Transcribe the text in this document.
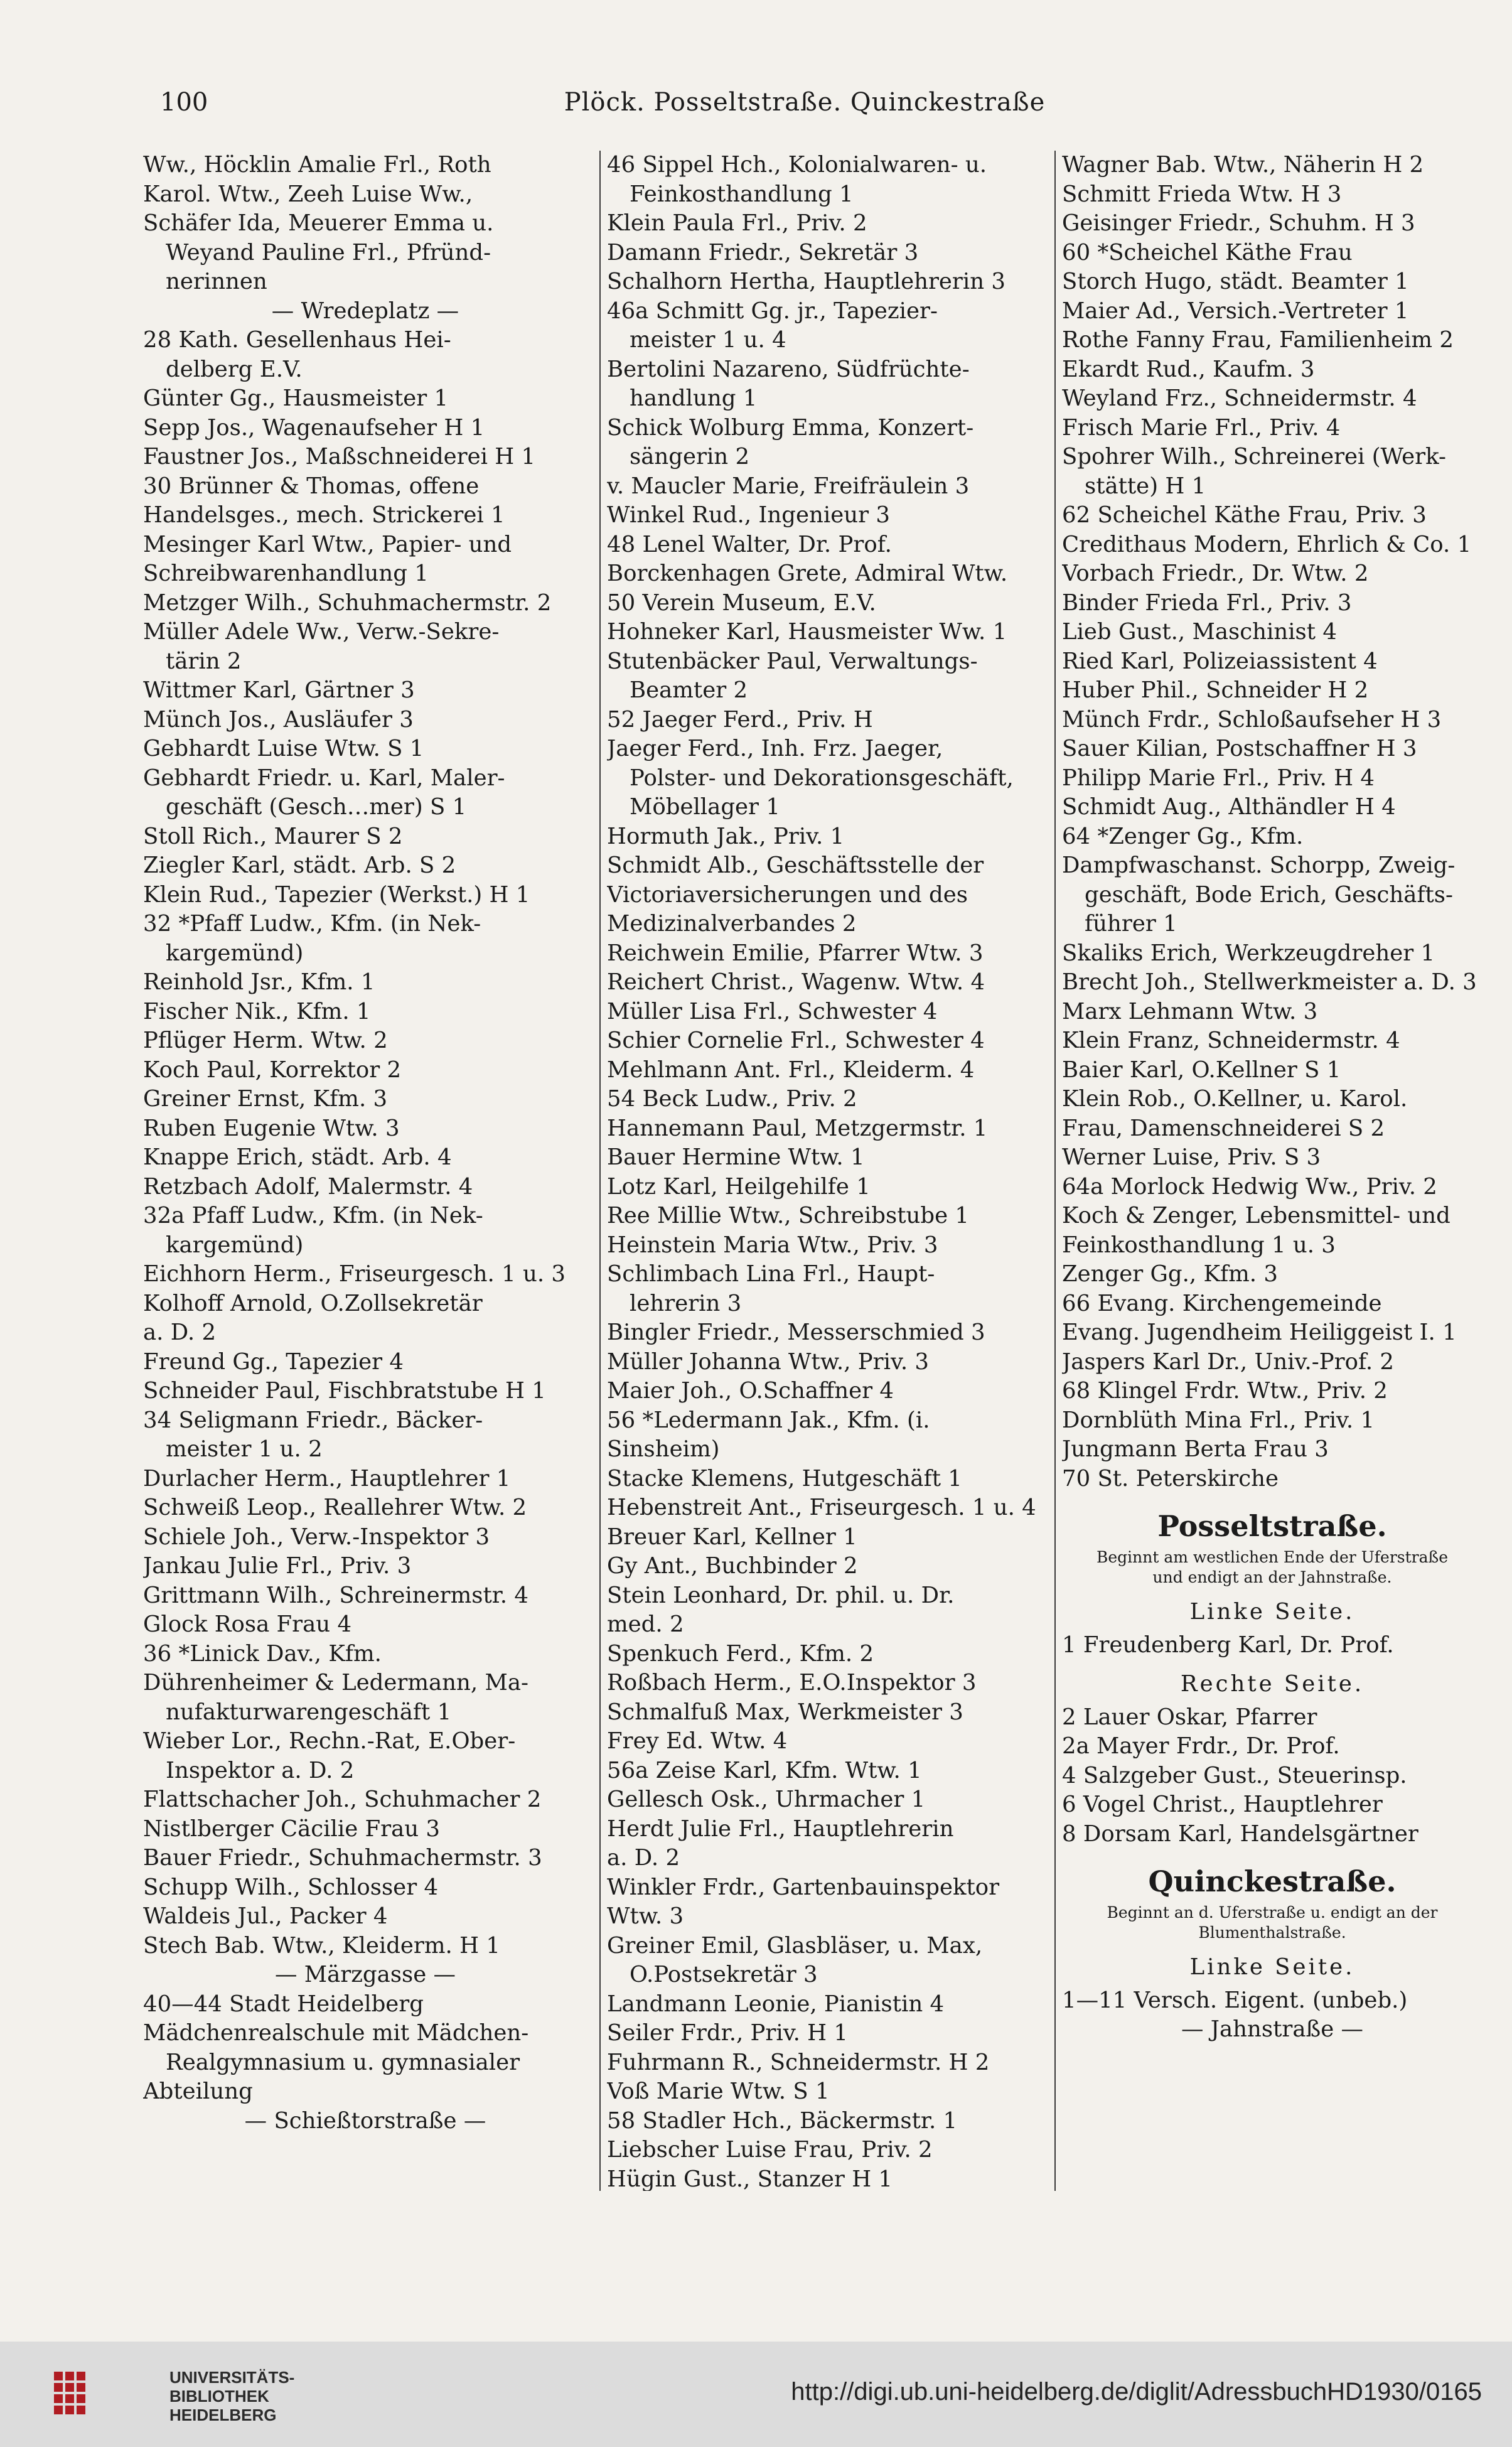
100	Plöck. Posseltstraße. Quinckestraße
Ww., Höcklin Amalie Frl., Roth
Karol. Wtw., Zeeh Luise Ww.,
Schäfer Ida, Meuerer Emma u.
Weyand Pauline Frl., Pfründ-
nerinnen
— Wredeplatz —
28 Kath. Gesellenhaus Hei-
delberg E.V.
Günter Gg., Hausmeister 1
Sepp Jos., Wagenaufseher H 1
Faustner Jos., Maßschneiderei H 1
30 Brünner & Thomas, offene
Handelsges., mech. Strickerei 1
Mesinger Karl Wtw., Papier- und
Schreibwarenhandlung 1
Metzger Wilh., Schuhmachermstr. 2
Müller Adele Ww., Verw.-Sekre-
tärin 2
Wittmer Karl, Gärtner 3
Münch Jos., Ausläufer 3
Gebhardt Luise Wtw. S 1
Gebhardt Friedr. u. Karl, Maler-
geschäft (Gesch…mer) S 1
Stoll Rich., Maurer S 2
Ziegler Karl, städt. Arb. S 2
Klein Rud., Tapezier (Werkst.) H 1
32 *Pfaff Ludw., Kfm. (in Nek-
kargemünd)
Reinhold Jsr., Kfm. 1
Fischer Nik., Kfm. 1
Pflüger Herm. Wtw. 2
Koch Paul, Korrektor 2
Greiner Ernst, Kfm. 3
Ruben Eugenie Wtw. 3
Knappe Erich, städt. Arb. 4
Retzbach Adolf, Malermstr. 4
32a Pfaff Ludw., Kfm. (in Nek-
kargemünd)
Eichhorn Herm., Friseurgesch. 1 u. 3
Kolhoff Arnold, O.Zollsekretär
a. D. 2
Freund Gg., Tapezier 4
Schneider Paul, Fischbratstube H 1
34 Seligmann Friedr., Bäcker-
meister 1 u. 2
Durlacher Herm., Hauptlehrer 1
Schweiß Leop., Reallehrer Wtw. 2
Schiele Joh., Verw.-Inspektor 3
Jankau Julie Frl., Priv. 3
Grittmann Wilh., Schreinermstr. 4
Glock Rosa Frau 4
36 *Linick Dav., Kfm.
Dührenheimer & Ledermann, Ma-
nufakturwarengeschäft 1
Wieber Lor., Rechn.-Rat, E.Ober-
Inspektor a. D. 2
Flattschacher Joh., Schuhmacher 2
Nistlberger Cäcilie Frau 3
Bauer Friedr., Schuhmachermstr. 3
Schupp Wilh., Schlosser 4
Waldeis Jul., Packer 4
Stech Bab. Wtw., Kleiderm. H 1
— Märzgasse —
40—44 Stadt Heidelberg
Mädchenrealschule mit Mädchen-
Realgymnasium u. gymnasialer
Abteilung
— Schießtorstraße —
46 Sippel Hch., Kolonialwaren- u.
Feinkosthandlung 1
Klein Paula Frl., Priv. 2
Damann Friedr., Sekretär 3
Schalhorn Hertha, Hauptlehrerin 3
46a Schmitt Gg. jr., Tapezier-
meister 1 u. 4
Bertolini Nazareno, Südfrüchte-
handlung 1
Schick Wolburg Emma, Konzert-
sängerin 2
v. Maucler Marie, Freifräulein 3
Winkel Rud., Ingenieur 3
48 Lenel Walter, Dr. Prof.
Borckenhagen Grete, Admiral Wtw.
50 Verein Museum, E.V.
Hohneker Karl, Hausmeister Ww. 1
Stutenbäcker Paul, Verwaltungs-
Beamter 2
52 Jaeger Ferd., Priv. H
Jaeger Ferd., Inh. Frz. Jaeger,
Polster- und Dekorationsgeschäft,
Möbellager 1
Hormuth Jak., Priv. 1
Schmidt Alb., Geschäftsstelle der
Victoriaversicherungen und des
Medizinalverbandes 2
Reichwein Emilie, Pfarrer Wtw. 3
Reichert Christ., Wagenw. Wtw. 4
Müller Lisa Frl., Schwester 4
Schier Cornelie Frl., Schwester 4
Mehlmann Ant. Frl., Kleiderm. 4
54 Beck Ludw., Priv. 2
Hannemann Paul, Metzgermstr. 1
Bauer Hermine Wtw. 1
Lotz Karl, Heilgehilfe 1
Ree Millie Wtw., Schreibstube 1
Heinstein Maria Wtw., Priv. 3
Schlimbach Lina Frl., Haupt-
lehrerin 3
Bingler Friedr., Messerschmied 3
Müller Johanna Wtw., Priv. 3
Maier Joh., O.Schaffner 4
56 *Ledermann Jak., Kfm. (i.
Sinsheim)
Stacke Klemens, Hutgeschäft 1
Hebenstreit Ant., Friseurgesch. 1 u. 4
Breuer Karl, Kellner 1
Gy Ant., Buchbinder 2
Stein Leonhard, Dr. phil. u. Dr.
med. 2
Spenkuch Ferd., Kfm. 2
Roßbach Herm., E.O.Inspektor 3
Schmalfuß Max, Werkmeister 3
Frey Ed. Wtw. 4
56a Zeise Karl, Kfm. Wtw. 1
Gellesch Osk., Uhrmacher 1
Herdt Julie Frl., Hauptlehrerin
a. D. 2
Winkler Frdr., Gartenbauinspektor
Wtw. 3
Greiner Emil, Glasbläser, u. Max,
O.Postsekretär 3
Landmann Leonie, Pianistin 4
Seiler Frdr., Priv. H 1
Fuhrmann R., Schneidermstr. H 2
Voß Marie Wtw. S 1
58 Stadler Hch., Bäckermstr. 1
Liebscher Luise Frau, Priv. 2
Hügin Gust., Stanzer H 1
Wagner Bab. Wtw., Näherin H 2
Schmitt Frieda Wtw. H 3
Geisinger Friedr., Schuhm. H 3
60 *Scheichel Käthe Frau
Storch Hugo, städt. Beamter 1
Maier Ad., Versich.-Vertreter 1
Rothe Fanny Frau, Familienheim 2
Ekardt Rud., Kaufm. 3
Weyland Frz., Schneidermstr. 4
Frisch Marie Frl., Priv. 4
Spohrer Wilh., Schreinerei (Werk-
stätte) H 1
62 Scheichel Käthe Frau, Priv. 3
Credithaus Modern, Ehrlich & Co. 1
Vorbach Friedr., Dr. Wtw. 2
Binder Frieda Frl., Priv. 3
Lieb Gust., Maschinist 4
Ried Karl, Polizeiassistent 4
Huber Phil., Schneider H 2
Münch Frdr., Schloßaufseher H 3
Sauer Kilian, Postschaffner H 3
Philipp Marie Frl., Priv. H 4
Schmidt Aug., Althändler H 4
64 *Zenger Gg., Kfm.
Dampfwaschanst. Schorpp, Zweig-
geschäft, Bode Erich, Geschäfts-
führer 1
Skaliks Erich, Werkzeugdreher 1
Brecht Joh., Stellwerkmeister a. D. 3
Marx Lehmann Wtw. 3
Klein Franz, Schneidermstr. 4
Baier Karl, O.Kellner S 1
Klein Rob., O.Kellner, u. Karol.
Frau, Damenschneiderei S 2
Werner Luise, Priv. S 3
64a Morlock Hedwig Ww., Priv. 2
Koch & Zenger, Lebensmittel- und
Feinkosthandlung 1 u. 3
Zenger Gg., Kfm. 3
66 Evang. Kirchengemeinde
Evang. Jugendheim Heiliggeist I. 1
Jaspers Karl Dr., Univ.-Prof. 2
68 Klingel Frdr. Wtw., Priv. 2
Dornblüth Mina Frl., Priv. 1
Jungmann Berta Frau 3
70 St. Peterskirche
Posseltstraße.
Beginnt am westlichen Ende der Uferstraße
und endigt an der Jahnstraße.
Linke Seite.
1 Freudenberg Karl, Dr. Prof.
Rechte Seite.
2 Lauer Oskar, Pfarrer
2a Mayer Frdr., Dr. Prof.
4 Salzgeber Gust., Steuerinsp.
6 Vogel Christ., Hauptlehrer
8 Dorsam Karl, Handelsgärtner
Quinckestraße.
Beginnt an d. Uferstraße u. endigt an der
Blumenthalstraße.
Linke Seite.
1—11 Versch. Eigent. (unbeb.)
— Jahnstraße —
UNIVERSITÄTS-
BIBLIOTHEK
HEIDELBERG
http://digi.ub.uni-heidelberg.de/diglit/AdressbuchHD1930/0165
